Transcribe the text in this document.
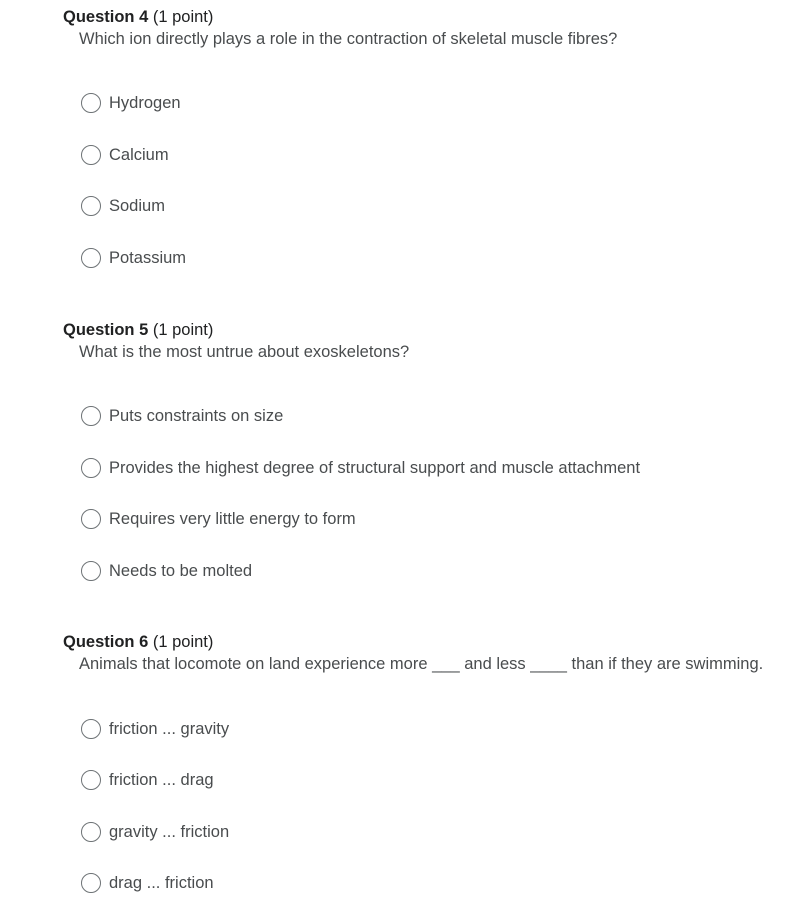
Question 4 (1 point)
Which ion directly plays a role in the contraction of skeletal muscle fibres?
Hydrogen
Calcium
Sodium
Potassium
Question 5 (1 point)
What is the most untrue about exoskeletons?
Puts constraints on size
Provides the highest degree of structural support and muscle attachment
Requires very little energy to form
Needs to be molted
Question 6 (1 point)
Animals that locomote on land experience more ___ and less ____ than if they are swimming.
friction ... gravity
friction ... drag
gravity ... friction
drag ... friction
